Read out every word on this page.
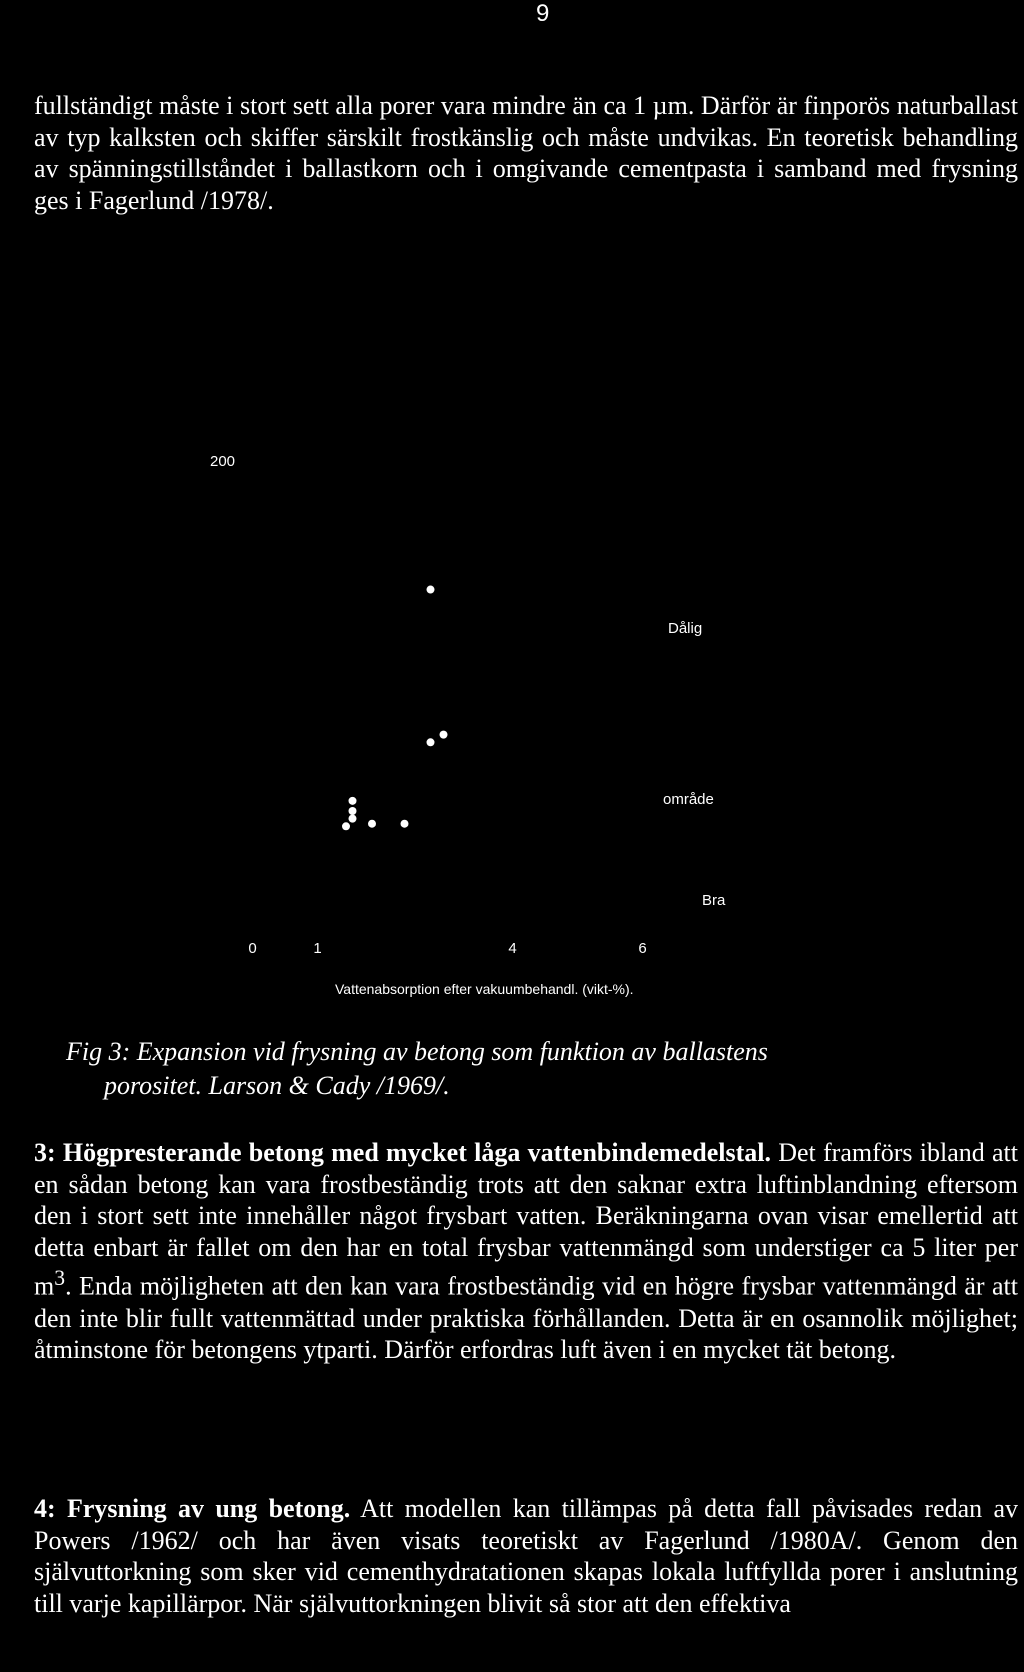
9

fullständigt måste i stort sett alla porer vara mindre än ca 1 µm. Därför är finporös naturballast av typ kalksten och skiffer särskilt frostkänslig och måste undvikas. En teoretisk behandling av spänningstillståndet i ballastkorn och i omgivande cementpasta i samband med frysning ges i Fagerlund /1978/.

200
0	1	4	6
Dålig
område
Bra
Vattenabsorption efter vakuumbehandl. (vikt-%).
Fig 3: Expansion vid frysning av betong som funktion av ballastens
porositet. Larson & Cady /1969/.

3: Högpresterande betong med mycket låga vattenbindemedelstal. Det framförs ibland att en sådan betong kan vara frostbeständig trots att den saknar extra luftinblandning eftersom den i stort sett inte innehåller något frysbart vatten. Beräkningarna ovan visar emellertid att detta enbart är fallet om den har en total frysbar vattenmängd som understiger ca 5 liter per $m^3$. Enda möjligheten att den kan vara frostbeständig vid en högre frysbar vattenmängd är att den inte blir fullt vattenmättad under praktiska förhållanden. Detta är en osannolik möjlighet; åtminstone för betongens ytparti. Därför erfordras luft även i en mycket tät betong.

4: Frysning av ung betong. Att modellen kan tillämpas på detta fall påvisades redan av Powers /1962/ och har även visats teoretiskt av Fagerlund /1980A/. Genom den självuttorkning som sker vid cementhydratationen skapas lokala luftfyllda porer i anslutning till varje kapillärpor. När självuttorkningen blivit så stor att den effektiva
